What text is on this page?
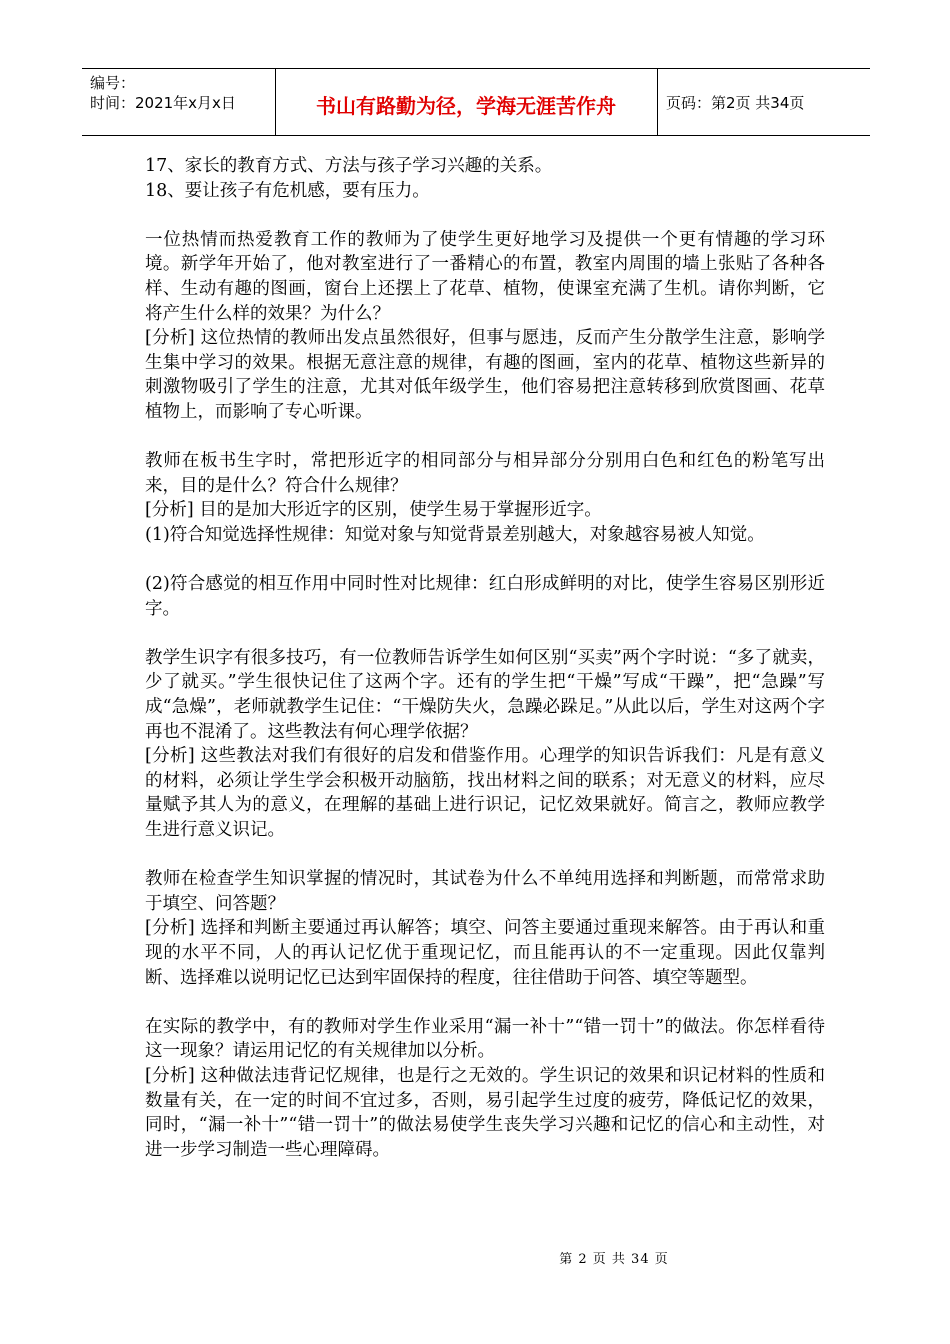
编号：
时间：2021年x月x日	书山有路勤为径，学海无涯苦作舟	页码：第2页 共34页

17、家长的教育方式、方法与孩子学习兴趣的关系。

18、要让孩子有危机感，要有压力。

一位热情而热爱教育工作的教师为了使学生更好地学习及提供一个更有情趣的学习环境。新学年开始了，他对教室进行了一番精心的布置，教室内周围的墙上张贴了各种各样、生动有趣的图画，窗台上还摆上了花草、植物，使课室充满了生机。请你判断，它将产生什么样的效果？为什么？

[分析] 这位热情的教师出发点虽然很好，但事与愿违，反而产生分散学生注意，影响学生集中学习的效果。根据无意注意的规律，有趣的图画，室内的花草、植物这些新异的刺激物吸引了学生的注意，尤其对低年级学生，他们容易把注意转移到欣赏图画、花草植物上，而影响了专心听课。

教师在板书生字时，常把形近字的相同部分与相异部分分别用白色和红色的粉笔写出来，目的是什么？符合什么规律？

[分析] 目的是加大形近字的区别，使学生易于掌握形近字。

(1)符合知觉选择性规律：知觉对象与知觉背景差别越大，对象越容易被人知觉。

(2)符合感觉的相互作用中同时性对比规律：红白形成鲜明的对比，使学生容易区别形近字。

教学生识字有很多技巧，有一位教师告诉学生如何区别“买卖”两个字时说：“多了就卖，少了就买。”学生很快记住了这两个字。还有的学生把“干燥”写成“干躁”，把“急躁”写成“急燥”，老师就教学生记住：“干燥防失火，急躁必跺足。”从此以后，学生对这两个字再也不混淆了。这些教法有何心理学依据？

[分析] 这些教法对我们有很好的启发和借鉴作用。心理学的知识告诉我们：凡是有意义的材料，必须让学生学会积极开动脑筋，找出材料之间的联系；对无意义的材料，应尽量赋予其人为的意义，在理解的基础上进行识记，记忆效果就好。简言之，教师应教学生进行意义识记。

教师在检查学生知识掌握的情况时，其试卷为什么不单纯用选择和判断题，而常常求助于填空、问答题？

[分析] 选择和判断主要通过再认解答；填空、问答主要通过重现来解答。由于再认和重现的水平不同，人的再认记忆优于重现记忆，而且能再认的不一定重现。因此仅靠判断、选择难以说明记忆已达到牢固保持的程度，往往借助于问答、填空等题型。

在实际的教学中，有的教师对学生作业采用“漏一补十”“错一罚十”的做法。你怎样看待这一现象？请运用记忆的有关规律加以分析。

[分析] 这种做法违背记忆规律，也是行之无效的。学生识记的效果和识记材料的性质和数量有关，在一定的时间不宜过多，否则，易引起学生过度的疲劳，降低记忆的效果，同时，“漏一补十”“错一罚十”的做法易使学生丧失学习兴趣和记忆的信心和主动性，对进一步学习制造一些心理障碍。

第 2 页 共 34 页
